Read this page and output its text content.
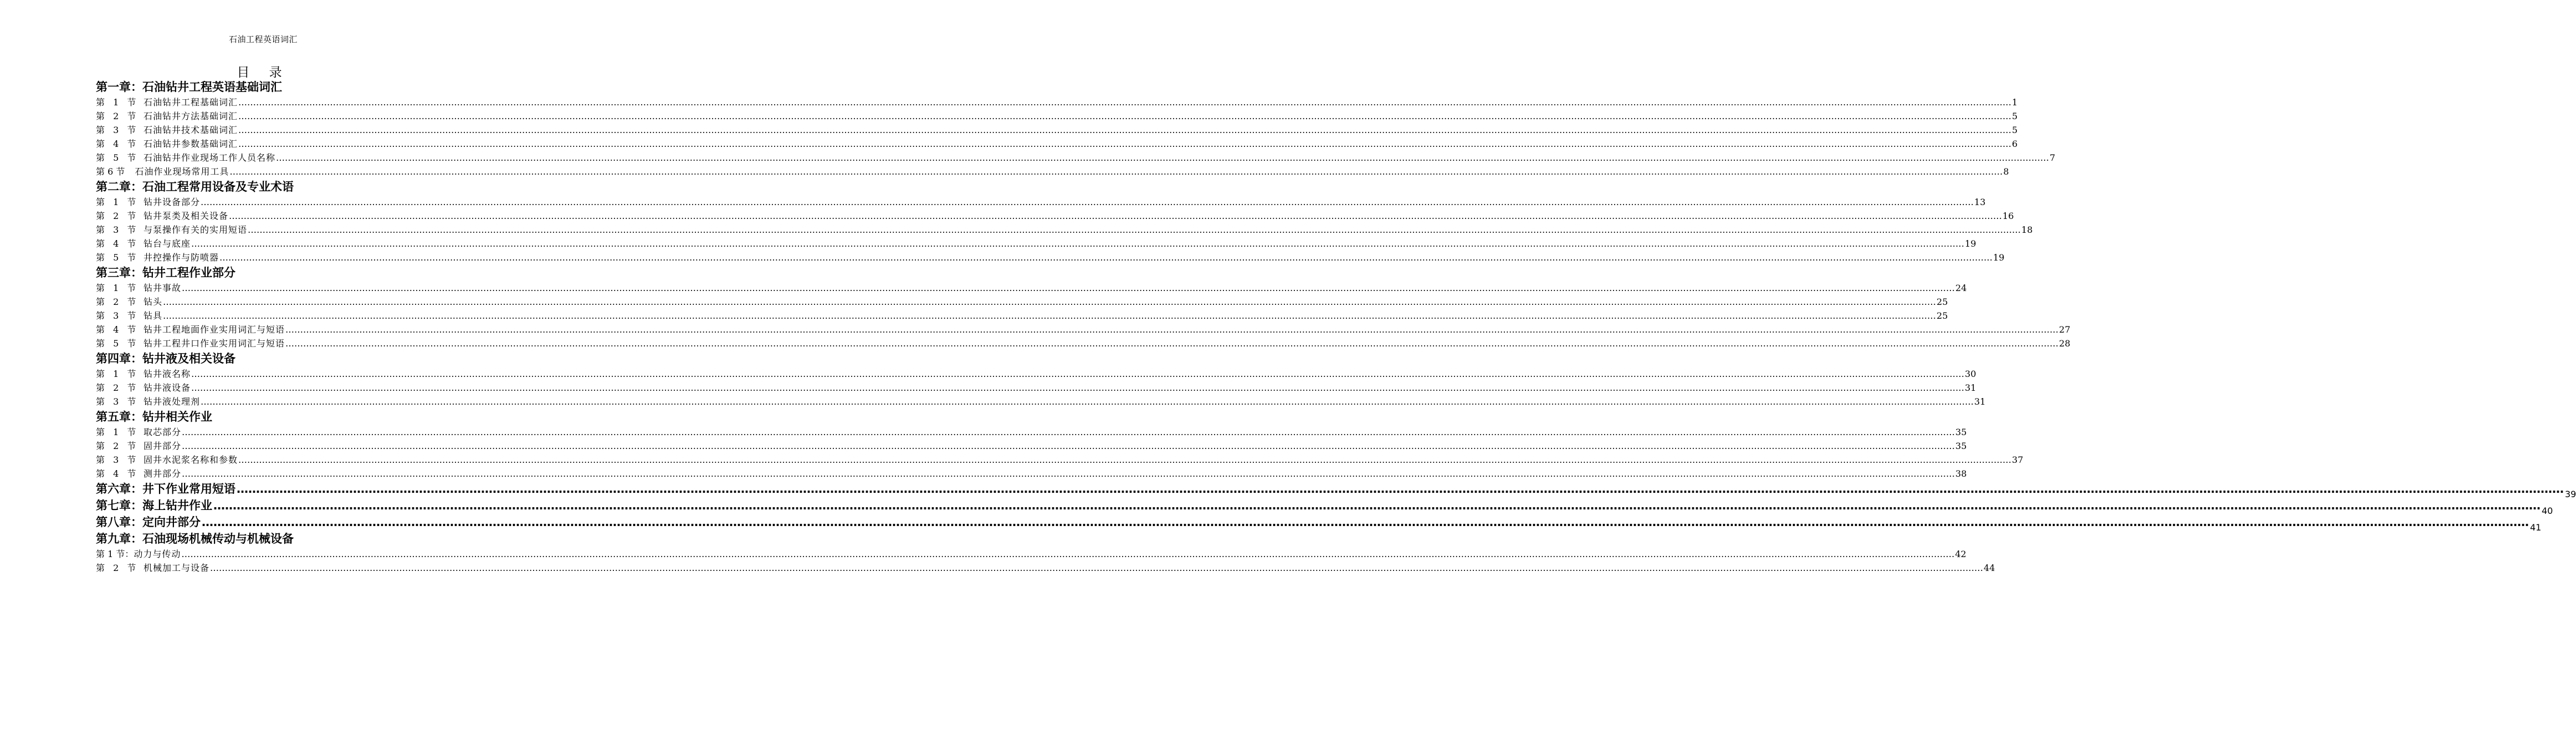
石油工程英语词汇
目 录
第一章：石油钻井工程英语基础词汇
第 1 节 石油钻井工程基础词汇 …………………………………………………………………………………………………………………………………………………………………………………………………………………………………………………………………………………………………………………………………………………………………………………………………………………………………………………………………………………………………………………………………………………… 1
第 2 节 石油钻井方法基础词汇 …………………………………………………………………………………………………………………………………………………………………………………………………………………………………………………………………………………………………………………………………………………………………………………………………………………………………………………………………………………………………………………………………………………… 5
第 3 节 石油钻井技术基础词汇 …………………………………………………………………………………………………………………………………………………………………………………………………………………………………………………………………………………………………………………………………………………………………………………………………………………………………………………………………………………………………………………………………………………… 5
第 4 节 石油钻井参数基础词汇 …………………………………………………………………………………………………………………………………………………………………………………………………………………………………………………………………………………………………………………………………………………………………………………………………………………………………………………………………………………………………………………………………………………… 6
第 5 节 石油钻井作业现场工作人员名称 …………………………………………………………………………………………………………………………………………………………………………………………………………………………………………………………………………………………………………………………………………………………………………………………………………………………………………………………………………………………………………………………………………………… 7
第 6 节 石油作业现场常用工具 …………………………………………………………………………………………………………………………………………………………………………………………………………………………………………………………………………………………………………………………………………………………………………………………………………………………………………………………………………………………………………………………………………………… 8
第二章：石油工程常用设备及专业术语
第 1 节 钻井设备部分 …………………………………………………………………………………………………………………………………………………………………………………………………………………………………………………………………………………………………………………………………………………………………………………………………………………………………………………………………………………………………………………………………………………… 13
第 2 节 钻井泵类及相关设备 …………………………………………………………………………………………………………………………………………………………………………………………………………………………………………………………………………………………………………………………………………………………………………………………………………………………………………………………………………………………………………………………………………………… 16
第 3 节 与泵操作有关的实用短语 …………………………………………………………………………………………………………………………………………………………………………………………………………………………………………………………………………………………………………………………………………………………………………………………………………………………………………………………………………………………………………………………………………………… 18
第 4 节 钻台与底座 …………………………………………………………………………………………………………………………………………………………………………………………………………………………………………………………………………………………………………………………………………………………………………………………………………………………………………………………………………………………………………………………………………………… 19
第 5 节 井控操作与防喷器 …………………………………………………………………………………………………………………………………………………………………………………………………………………………………………………………………………………………………………………………………………………………………………………………………………………………………………………………………………………………………………………………………………………… 19
第三章：钻井工程作业部分
第 1 节 钻井事故 …………………………………………………………………………………………………………………………………………………………………………………………………………………………………………………………………………………………………………………………………………………………………………………………………………………………………………………………………………………………………………………………………………………… 24
第 2 节 钻头 …………………………………………………………………………………………………………………………………………………………………………………………………………………………………………………………………………………………………………………………………………………………………………………………………………………………………………………………………………………………………………………………………………………… 25
第 3 节 钻具 …………………………………………………………………………………………………………………………………………………………………………………………………………………………………………………………………………………………………………………………………………………………………………………………………………………………………………………………………………………………………………………………………………………… 25
第 4 节 钻井工程地面作业实用词汇与短语 …………………………………………………………………………………………………………………………………………………………………………………………………………………………………………………………………………………………………………………………………………………………………………………………………………………………………………………………………………………………………………………………………………………… 27
第 5 节 钻井工程井口作业实用词汇与短语 …………………………………………………………………………………………………………………………………………………………………………………………………………………………………………………………………………………………………………………………………………………………………………………………………………………………………………………………………………………………………………………………………………………… 28
第四章：钻井液及相关设备
第 1 节 钻井液名称 …………………………………………………………………………………………………………………………………………………………………………………………………………………………………………………………………………………………………………………………………………………………………………………………………………………………………………………………………………………………………………………………………………………… 30
第 2 节 钻井液设备 …………………………………………………………………………………………………………………………………………………………………………………………………………………………………………………………………………………………………………………………………………………………………………………………………………………………………………………………………………………………………………………………………………………… 31
第 3 节 钻井液处理剂 …………………………………………………………………………………………………………………………………………………………………………………………………………………………………………………………………………………………………………………………………………………………………………………………………………………………………………………………………………………………………………………………………………………… 31
第五章：钻井相关作业
第 1 节 取芯部分 …………………………………………………………………………………………………………………………………………………………………………………………………………………………………………………………………………………………………………………………………………………………………………………………………………………………………………………………………………………………………………………………………………………… 35
第 2 节 固井部分 …………………………………………………………………………………………………………………………………………………………………………………………………………………………………………………………………………………………………………………………………………………………………………………………………………………………………………………………………………………………………………………………………………………… 35
第 3 节 固井水泥浆名称和参数 …………………………………………………………………………………………………………………………………………………………………………………………………………………………………………………………………………………………………………………………………………………………………………………………………………………………………………………………………………………………………………………………………………………… 37
第 4 节 测井部分 …………………………………………………………………………………………………………………………………………………………………………………………………………………………………………………………………………………………………………………………………………………………………………………………………………………………………………………………………………………………………………………………………………………… 38
第六章：井下作业常用短语 …………………………………………………………………………………………………………………………………………………………………………………………………………………………………………………………………………………………………………………………………………………………………………………………………………………………………………………………………………………………………………………………………………………… 39
第七章：海上钻井作业 …………………………………………………………………………………………………………………………………………………………………………………………………………………………………………………………………………………………………………………………………………………………………………………………………………………………………………………………………………………………………………………………………………………… 40
第八章：定向井部分 …………………………………………………………………………………………………………………………………………………………………………………………………………………………………………………………………………………………………………………………………………………………………………………………………………………………………………………………………………………………………………………………………………………… 41
第九章：石油现场机械传动与机械设备
第 1 节： 动力与传动 …………………………………………………………………………………………………………………………………………………………………………………………………………………………………………………………………………………………………………………………………………………………………………………………………………………………………………………………………………………………………………………………………………………… 42
第 2 节 机械加工与设备 …………………………………………………………………………………………………………………………………………………………………………………………………………………………………………………………………………………………………………………………………………………………………………………………………………………………………………………………………………………………………………………………………………………… 44
